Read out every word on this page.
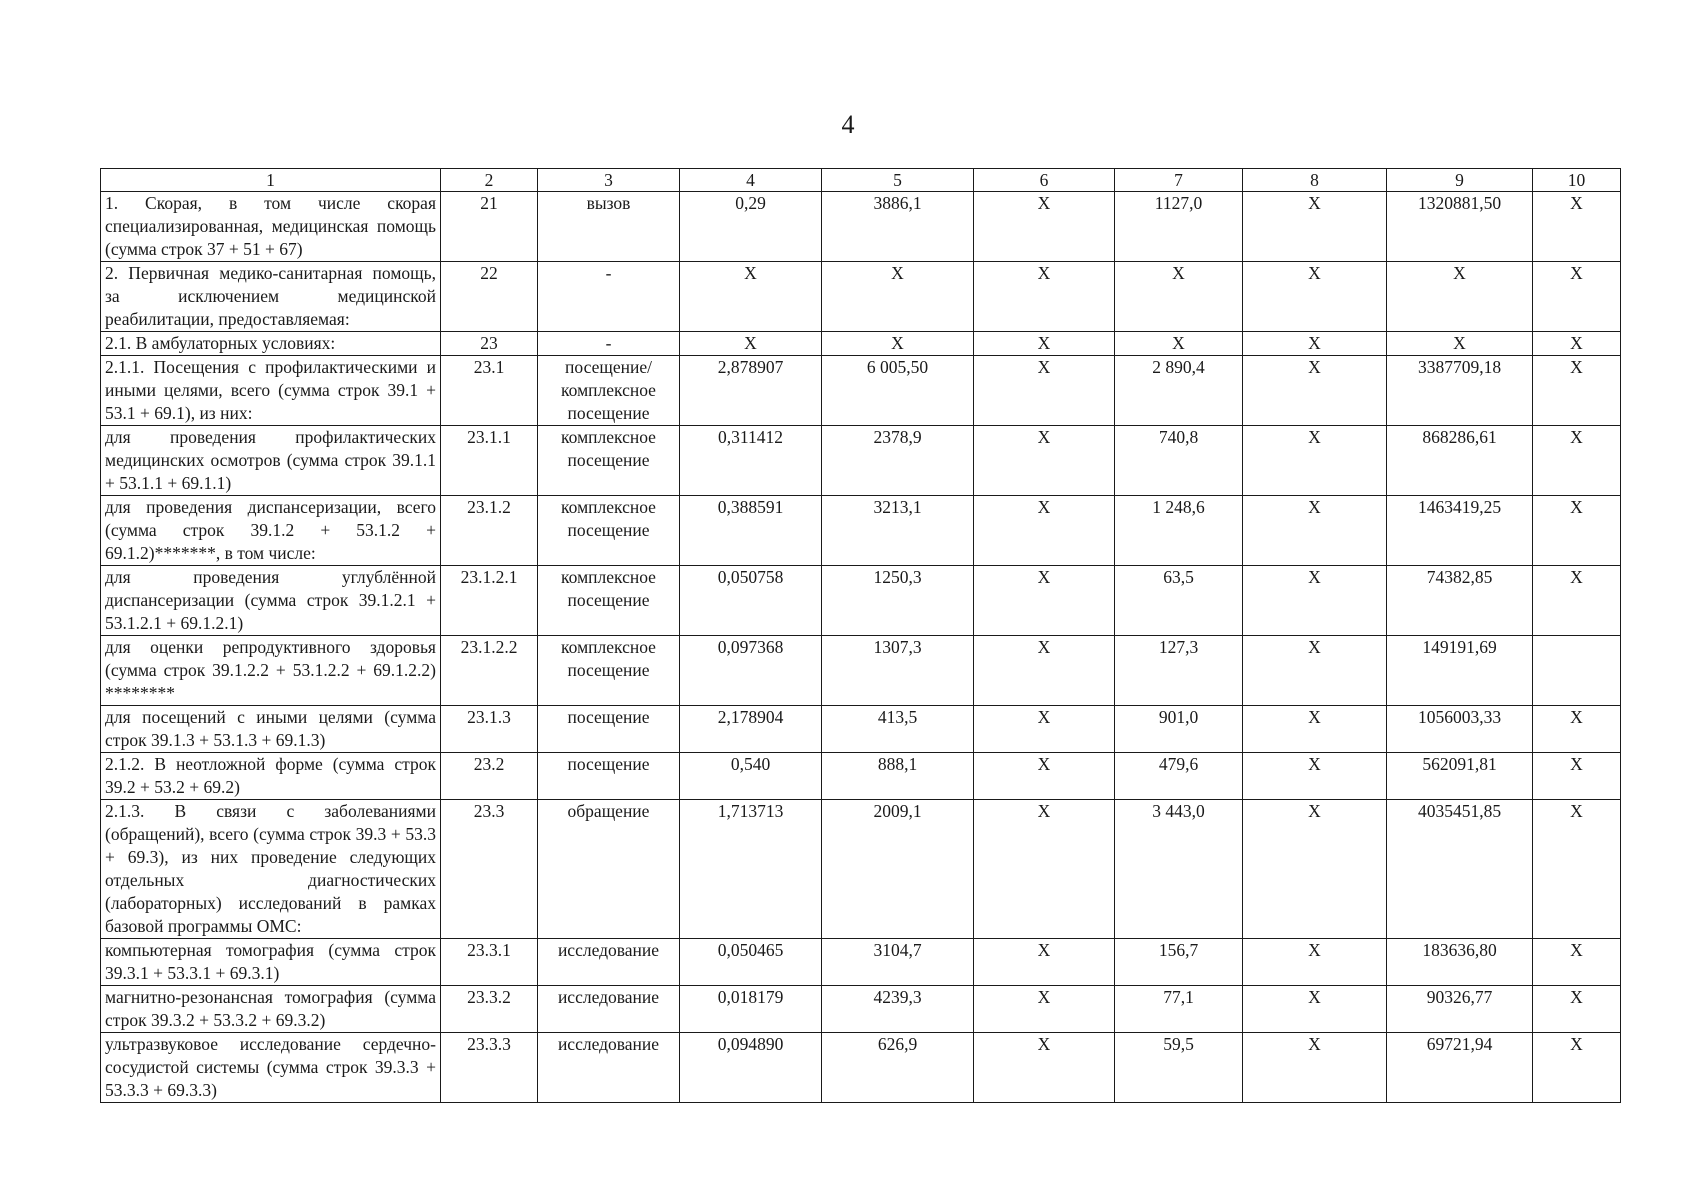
4
1	2	3	4	5	6	7	8	9	10
1. Скорая, в том числе скорая специализированная, медицинская помощь (сумма строк 37 + 51 + 67)	21	вызов	0,29	3886,1	X	1127,0	X	1320881,50	X
2. Первичная медико-санитарная помощь, за исключением медицинской реабилитации, предоставляемая:	22	-	X	X	X	X	X	X	X
2.1. В амбулаторных условиях:	23	-	X	X	X	X	X	X	X
2.1.1. Посещения с профилактическими и иными целями, всего (сумма строк 39.1 + 53.1 + 69.1), из них:	23.1	посещение/ комплексное посещение	2,878907	6 005,50	X	2 890,4	X	3387709,18	X
для проведения профилактических медицинских осмотров (сумма строк 39.1.1 + 53.1.1 + 69.1.1)	23.1.1	комплексное посещение	0,311412	2378,9	X	740,8	X	868286,61	X
для проведения диспансеризации, всего (сумма строк 39.1.2 + 53.1.2 + 69.1.2)*******, в том числе:	23.1.2	комплексное посещение	0,388591	3213,1	X	1 248,6	X	1463419,25	X
для проведения углублённой диспансеризации (сумма строк 39.1.2.1 + 53.1.2.1 + 69.1.2.1)	23.1.2.1	комплексное посещение	0,050758	1250,3	X	63,5	X	74382,85	X
для оценки репродуктивного здоровья (сумма строк 39.1.2.2 + 53.1.2.2 + 69.1.2.2) ********	23.1.2.2	комплексное посещение	0,097368	1307,3	X	127,3	X	149191,69	
для посещений с иными целями (сумма строк 39.1.3 + 53.1.3 + 69.1.3)	23.1.3	посещение	2,178904	413,5	X	901,0	X	1056003,33	X
2.1.2. В неотложной форме (сумма строк 39.2 + 53.2 + 69.2)	23.2	посещение	0,540	888,1	X	479,6	X	562091,81	X
2.1.3. В связи с заболеваниями (обращений), всего (сумма строк 39.3 + 53.3 + 69.3), из них проведение следующих отдельных диагностических (лабораторных) исследований в рамках базовой программы ОМС:	23.3	обращение	1,713713	2009,1	X	3 443,0	X	4035451,85	X
компьютерная томография (сумма строк 39.3.1 + 53.3.1 + 69.3.1)	23.3.1	исследование	0,050465	3104,7	X	156,7	X	183636,80	X
магнитно-резонансная томография (сумма строк 39.3.2 + 53.3.2 + 69.3.2)	23.3.2	исследование	0,018179	4239,3	X	77,1	X	90326,77	X
ультразвуковое исследование сердечно-сосудистой системы (сумма строк 39.3.3 + 53.3.3 + 69.3.3)	23.3.3	исследование	0,094890	626,9	X	59,5	X	69721,94	X
